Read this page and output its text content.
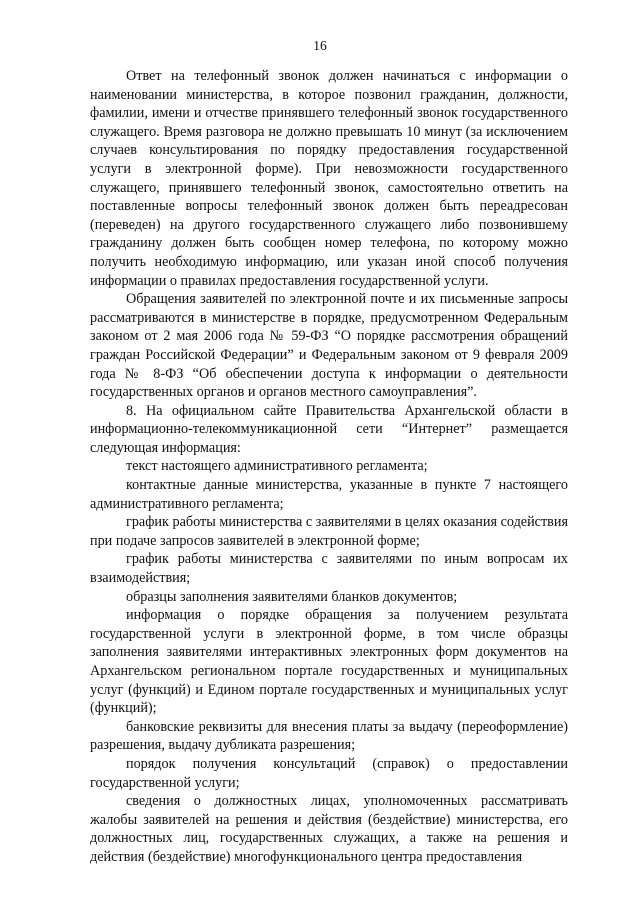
16

Ответ на телефонный звонок должен начинаться с информации о наименовании министерства, в которое позвонил гражданин, должности, фамилии, имени и отчестве принявшего телефонный звонок государственного служащего. Время разговора не должно превышать 10 минут (за исключением случаев консультирования по порядку предоставления государственной услуги в электронной форме). При невозможности государственного служащего, принявшего телефонный звонок, самостоятельно ответить на поставленные вопросы телефонный звонок должен быть переадресован (переведен) на другого государственного служащего либо позвонившему гражданину должен быть сообщен номер телефона, по которому можно получить необходимую информацию, или указан иной способ получения информации о правилах предоставления государственной услуги.

Обращения заявителей по электронной почте и их письменные запросы рассматриваются в министерстве в порядке, предусмотренном Федеральным законом от 2 мая 2006 года № 59-ФЗ “О порядке рассмотрения обращений граждан Российской Федерации” и Федеральным законом от 9 февраля 2009 года № 8-ФЗ “Об обеспечении доступа к информации о деятельности государственных органов и органов местного самоуправления”.

8. На официальном сайте Правительства Архангельской области в информационно-телекоммуникационной сети “Интернет” размещается следующая информация:

текст настоящего административного регламента;

контактные данные министерства, указанные в пункте 7 настоящего административного регламента;

график работы министерства с заявителями в целях оказания содействия при подаче запросов заявителей в электронной форме;

график работы министерства с заявителями по иным вопросам их взаимодействия;

образцы заполнения заявителями бланков документов;

информация о порядке обращения за получением результата государственной услуги в электронной форме, в том числе образцы заполнения заявителями интерактивных электронных форм документов на Архангельском региональном портале государственных и муниципальных услуг (функций) и Едином портале государственных и муниципальных услуг (функций);

банковские реквизиты для внесения платы за выдачу (переоформление) разрешения, выдачу дубликата разрешения;

порядок получения консультаций (справок) о предоставлении государственной услуги;

сведения о должностных лицах, уполномоченных рассматривать жалобы заявителей на решения и действия (бездействие) министерства, его должностных лиц, государственных служащих, а также на решения и действия (бездействие) многофункционального центра предоставления
